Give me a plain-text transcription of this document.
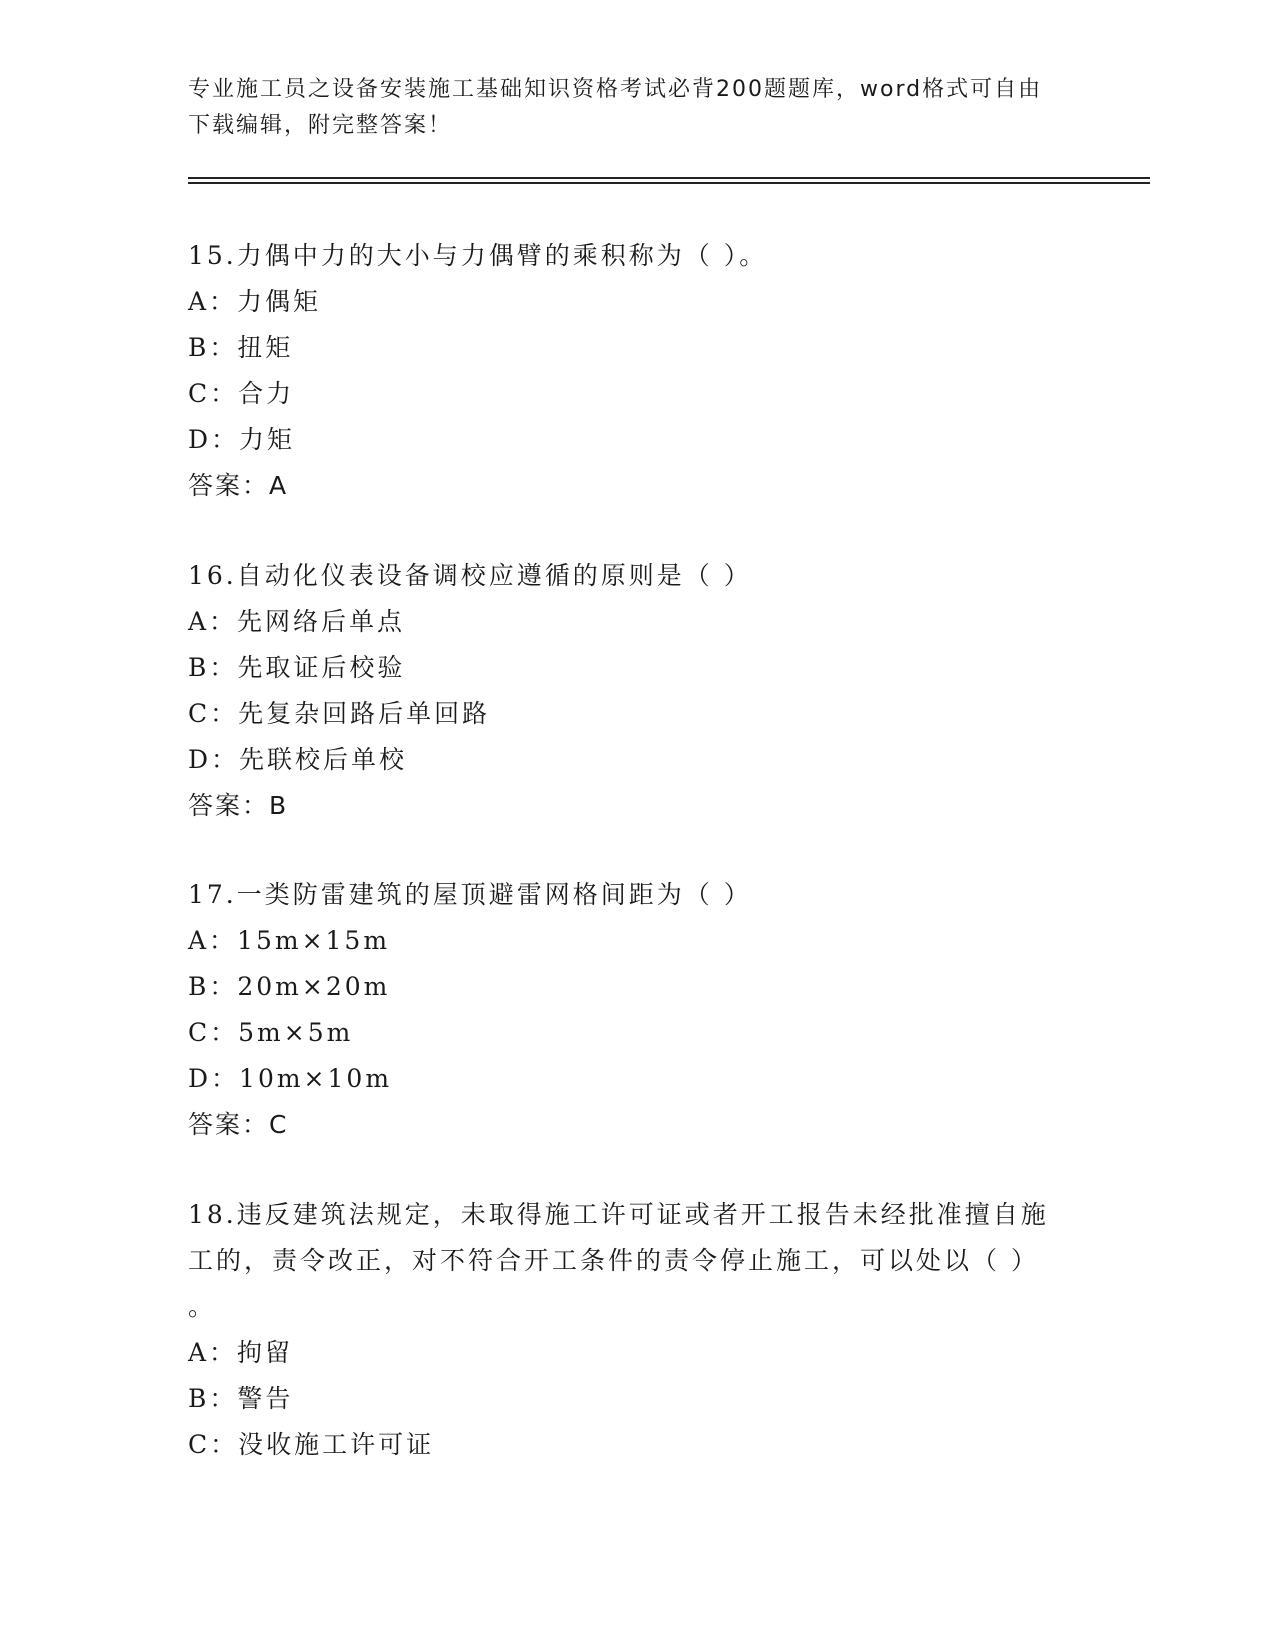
专业施工员之设备安装施工基础知识资格考试必背200题题库，word格式可自由
下载编辑，附完整答案！

15.力偶中力的大小与力偶臂的乘积称为（ ）。

A：力偶矩

B：扭矩

C：合力

D：力矩

答案：A

16.自动化仪表设备调校应遵循的原则是（ ）

A：先网络后单点

B：先取证后校验

C：先复杂回路后单回路

D：先联校后单校

答案：B

17.一类防雷建筑的屋顶避雷网格间距为（ ）

A：15m×15m

B：20m×20m

C：5m×5m

D：10m×10m

答案：C

18.违反建筑法规定，未取得施工许可证或者开工报告未经批准擅自施

工的，责令改正，对不符合开工条件的责令停止施工，可以处以（ ）

。

A：拘留

B：警告

C：没收施工许可证
